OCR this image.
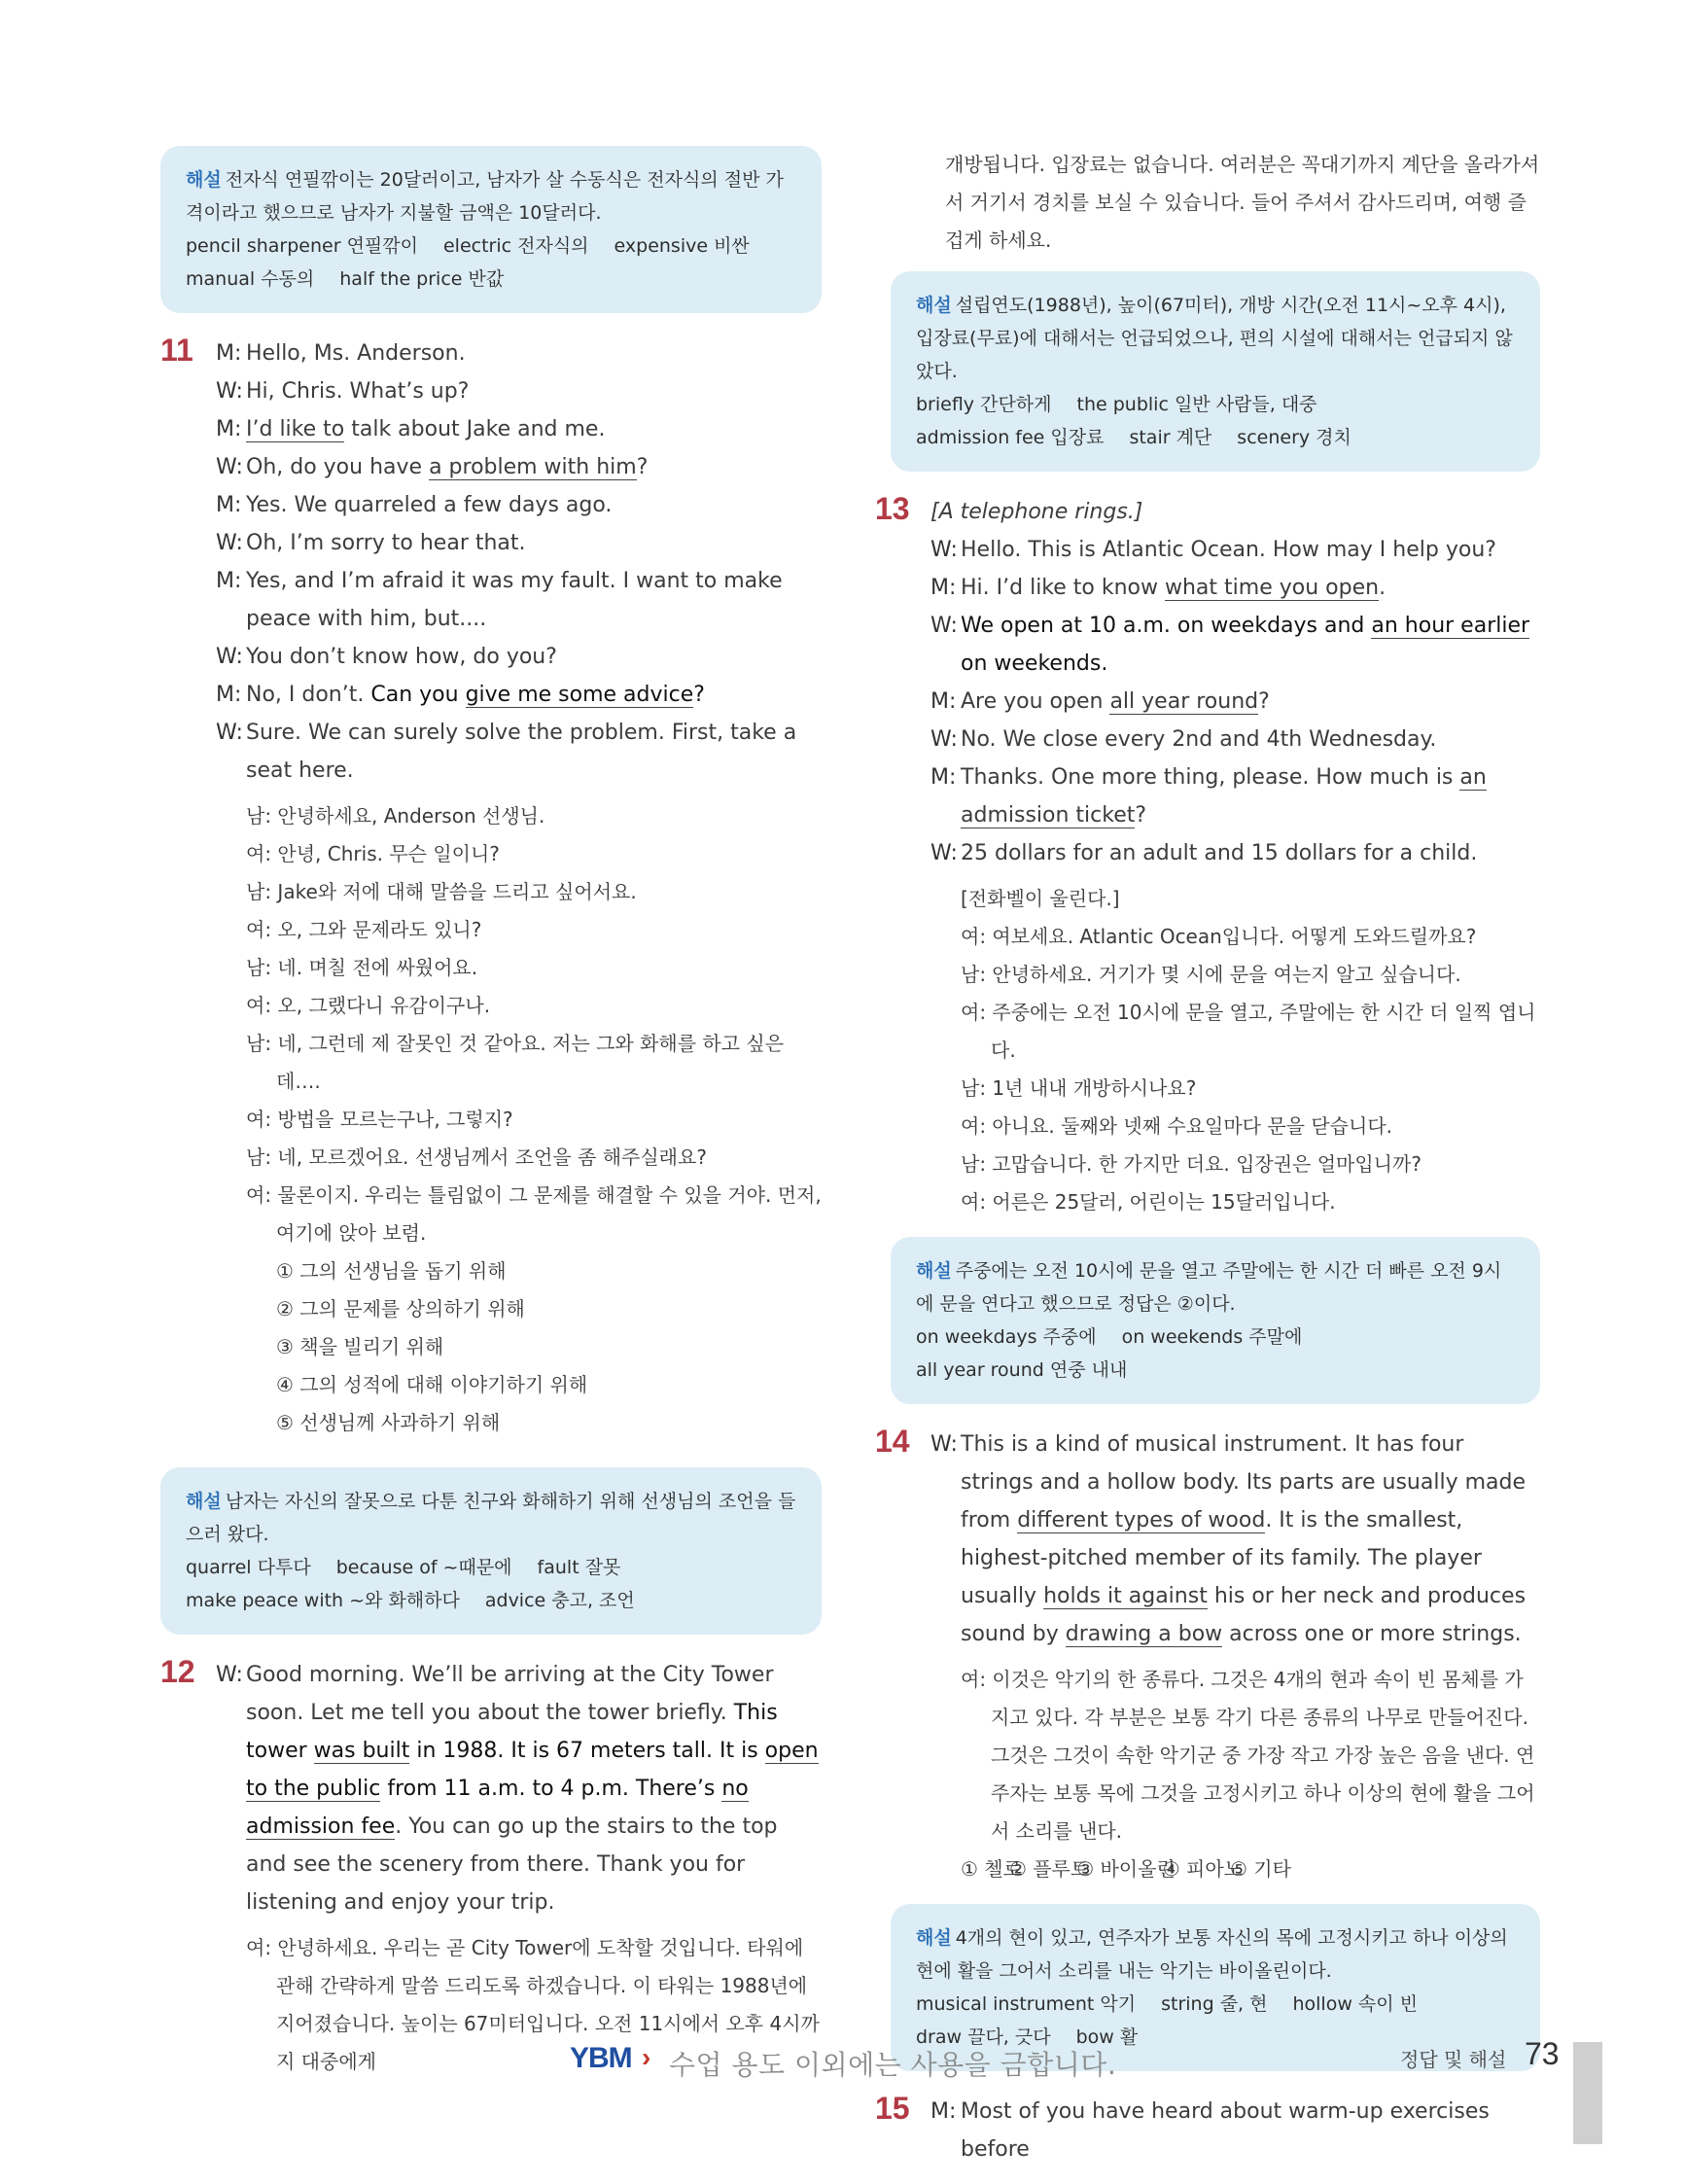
해설 전자식 연필깎이는 20달러이고, 남자가 살 수동식은 전자식의 절반 가격이라고 했으므로 남자가 지불할 금액은 10달러다.
pencil sharpener 연필깎이 electric 전자식의 expensive 비싼
manual 수동의 half the price 반값
11 M: Hello, Ms. Anderson.
W: Hi, Chris. What’s up?
M: I’d like to talk about Jake and me.
W: Oh, do you have a problem with him?
M: Yes. We quarreled a few days ago.
W: Oh, I’m sorry to hear that.
M: Yes, and I’m afraid it was my fault. I want to make peace with him, but....
W: You don’t know how, do you?
M: No, I don’t. Can you give me some advice?
W: Sure. We can surely solve the problem. First, take a seat here.
남: 안녕하세요, Anderson 선생님.
여: 안녕, Chris. 무슨 일이니?
남: Jake와 저에 대해 말씀을 드리고 싶어서요.
여: 오, 그와 문제라도 있니?
남: 네. 며칠 전에 싸웠어요.
여: 오, 그랬다니 유감이구나.
남: 네, 그런데 제 잘못인 것 같아요. 저는 그와 화해를 하고 싶은데….
여: 방법을 모르는구나, 그렇지?
남: 네, 모르겠어요. 선생님께서 조언을 좀 해주실래요?
여: 물론이지. 우리는 틀림없이 그 문제를 해결할 수 있을 거야. 먼저, 여기에 앉아 보렴.
① 그의 선생님을 돕기 위해
② 그의 문제를 상의하기 위해
③ 책을 빌리기 위해
④ 그의 성적에 대해 이야기하기 위해
⑤ 선생님께 사과하기 위해
해설 남자는 자신의 잘못으로 다툰 친구와 화해하기 위해 선생님의 조언을 들으러 왔다.
quarrel 다투다 because of ~때문에 fault 잘못
make peace with ~와 화해하다 advice 충고, 조언
12 W: Good morning. We’ll be arriving at the City Tower soon. Let me tell you about the tower briefly. This tower was built in 1988. It is 67 meters tall. It is open to the public from 11 a.m. to 4 p.m. There’s no admission fee. You can go up the stairs to the top and see the scenery from there. Thank you for listening and enjoy your trip.
여: 안녕하세요. 우리는 곧 City Tower에 도착할 것입니다. 타워에 관해 간략하게 말씀 드리도록 하겠습니다. 이 타워는 1988년에 지어졌습니다. 높이는 67미터입니다. 오전 11시에서 오후 4시까지 대중에게
개방됩니다. 입장료는 없습니다. 여러분은 꼭대기까지 계단을 올라가셔서 거기서 경치를 보실 수 있습니다. 들어 주셔서 감사드리며, 여행 즐겁게 하세요.
해설 설립연도(1988년), 높이(67미터), 개방 시간(오전 11시~오후 4시), 입장료(무료)에 대해서는 언급되었으나, 편의 시설에 대해서는 언급되지 않았다.
briefly 간단하게 the public 일반 사람들, 대중
admission fee 입장료 stair 계단 scenery 경치
13 [A telephone rings.]
W: Hello. This is Atlantic Ocean. How may I help you?
M: Hi. I’d like to know what time you open.
W: We open at 10 a.m. on weekdays and an hour earlier on weekends.
M: Are you open all year round?
W: No. We close every 2nd and 4th Wednesday.
M: Thanks. One more thing, please. How much is an admission ticket?
W: 25 dollars for an adult and 15 dollars for a child.
[전화벨이 울린다.]
여: 여보세요. Atlantic Ocean입니다. 어떻게 도와드릴까요?
남: 안녕하세요. 거기가 몇 시에 문을 여는지 알고 싶습니다.
여: 주중에는 오전 10시에 문을 열고, 주말에는 한 시간 더 일찍 엽니다.
남: 1년 내내 개방하시나요?
여: 아니요. 둘째와 넷째 수요일마다 문을 닫습니다.
남: 고맙습니다. 한 가지만 더요. 입장권은 얼마입니까?
여: 어른은 25달러, 어린이는 15달러입니다.
해설 주중에는 오전 10시에 문을 열고 주말에는 한 시간 더 빠른 오전 9시에 문을 연다고 했으므로 정답은 ②이다.
on weekdays 주중에 on weekends 주말에
all year round 연중 내내
14 W: This is a kind of musical instrument. It has four strings and a hollow body. Its parts are usually made from different types of wood. It is the smallest, highest-pitched member of its family. The player usually holds it against his or her neck and produces sound by drawing a bow across one or more strings.
여: 이것은 악기의 한 종류다. 그것은 4개의 현과 속이 빈 몸체를 가지고 있다. 각 부분은 보통 각기 다른 종류의 나무로 만들어진다. 그것은 그것이 속한 악기군 중 가장 작고 가장 높은 음을 낸다. 연주자는 보통 목에 그것을 고정시키고 하나 이상의 현에 활을 그어서 소리를 낸다.
① 첼로
② 플루트
③ 바이올린
④ 피아노
⑤ 기타
해설 4개의 현이 있고, 연주자가 보통 자신의 목에 고정시키고 하나 이상의 현에 활을 그어서 소리를 내는 악기는 바이올린이다.
musical instrument 악기 string 줄, 현 hollow 속이 빈
draw 끌다, 긋다 bow 활
15 M: Most of you have heard about warm-up exercises before
YBM › 수업 용도 이외에는 사용을 금합니다.	정답 및 해설 73
